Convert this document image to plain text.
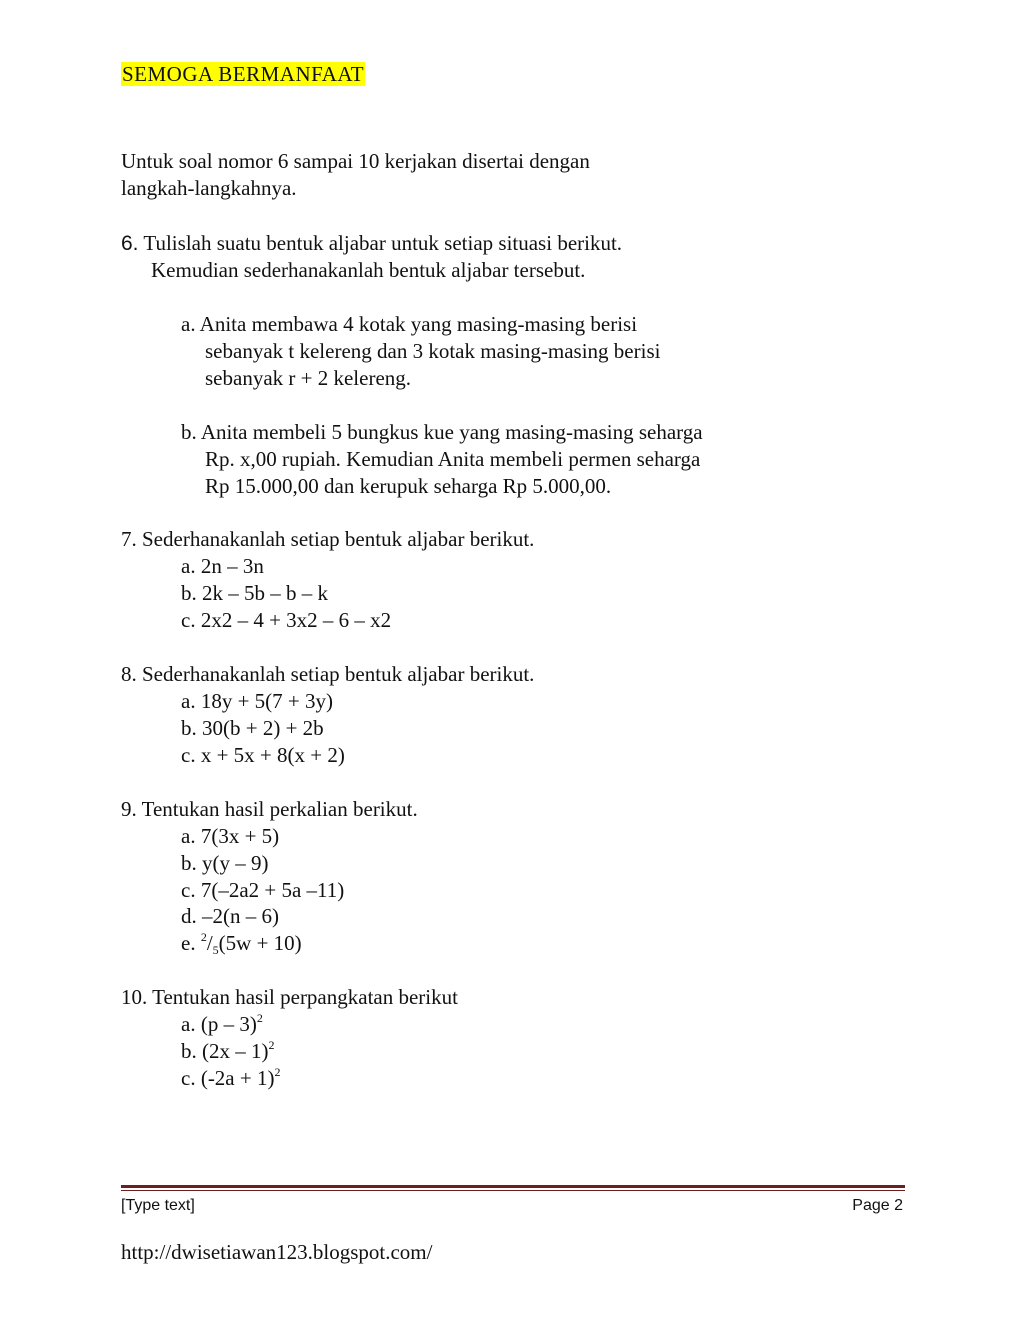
SEMOGA BERMANFAAT
Untuk soal nomor 6 sampai 10 kerjakan disertai dengan
langkah-langkahnya.
6. Tulislah suatu bentuk aljabar untuk setiap situasi berikut.
Kemudian sederhanakanlah bentuk aljabar tersebut.
a. Anita membawa 4 kotak yang masing-masing berisi
sebanyak t kelereng dan 3 kotak masing-masing berisi
sebanyak r + 2 kelereng.
b. Anita membeli 5 bungkus kue yang masing-masing seharga
Rp. x,00 rupiah. Kemudian Anita membeli permen seharga
Rp 15.000,00 dan kerupuk seharga Rp 5.000,00.
7. Sederhanakanlah setiap bentuk aljabar berikut.
a. 2n – 3n
b. 2k – 5b – b – k
c. 2x2 – 4 + 3x2 – 6 – x2
8. Sederhanakanlah setiap bentuk aljabar berikut.
a. 18y + 5(7 + 3y)
b. 30(b + 2) + 2b
c. x + 5x + 8(x + 2)
9. Tentukan hasil perkalian berikut.
a. 7(3x + 5)
b. y(y – 9)
c. 7(–2a2 + 5a –11)
d. –2(n – 6)
e. $^2/_5(5w + 10)$
10. Tentukan hasil perpangkatan berikut
a. (p – 3)$^2$
b. (2x – 1)$^2$
c. $(-2a + 1)^2$
[Type text]	Page 2
http://dwisetiawan123.blogspot.com/
